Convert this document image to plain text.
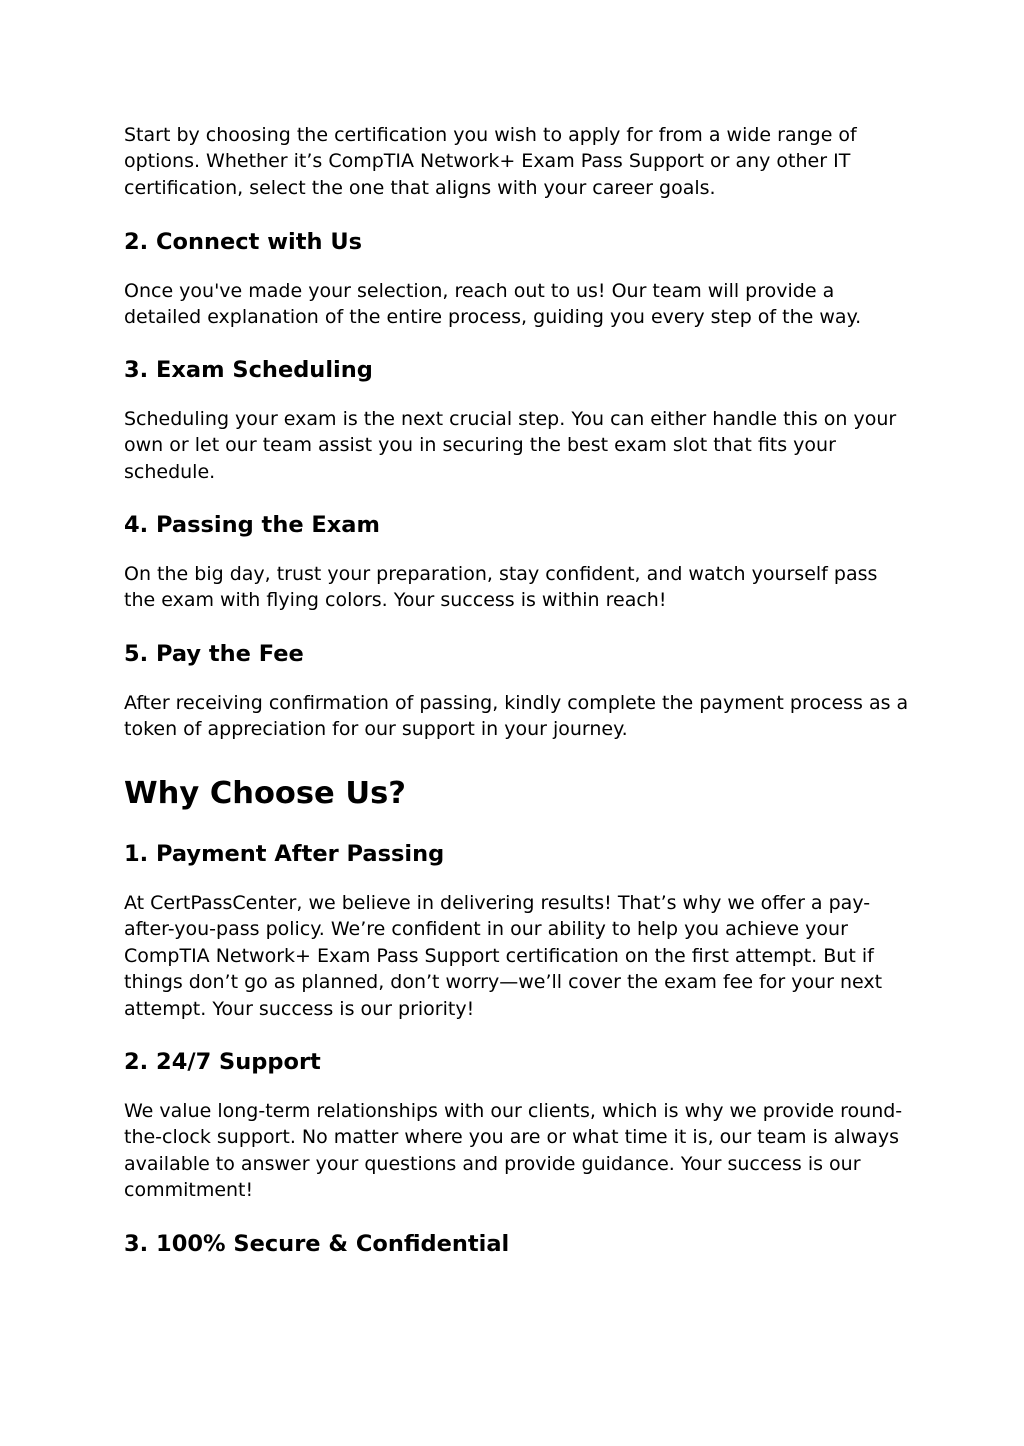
Start by choosing the certification you wish to apply for from a wide range of options. Whether it’s CompTIA Network+ Exam Pass Support or any other IT certification, select the one that aligns with your career goals.

2. Connect with Us

Once you've made your selection, reach out to us! Our team will provide a detailed explanation of the entire process, guiding you every step of the way.

3. Exam Scheduling

Scheduling your exam is the next crucial step. You can either handle this on your own or let our team assist you in securing the best exam slot that fits your schedule.

4. Passing the Exam

On the big day, trust your preparation, stay confident, and watch yourself pass the exam with flying colors. Your success is within reach!

5. Pay the Fee

After receiving confirmation of passing, kindly complete the payment process as a token of appreciation for our support in your journey.

Why Choose Us?
1. Payment After Passing

At CertPassCenter, we believe in delivering results! That’s why we offer a pay-after-you-pass policy. We’re confident in our ability to help you achieve your CompTIA Network+ Exam Pass Support certification on the first attempt. But if things don’t go as planned, don’t worry—we’ll cover the exam fee for your next attempt. Your success is our priority!

2. 24/7 Support

We value long-term relationships with our clients, which is why we provide round-the-clock support. No matter where you are or what time it is, our team is always available to answer your questions and provide guidance. Your success is our commitment!

3. 100% Secure & Confidential
